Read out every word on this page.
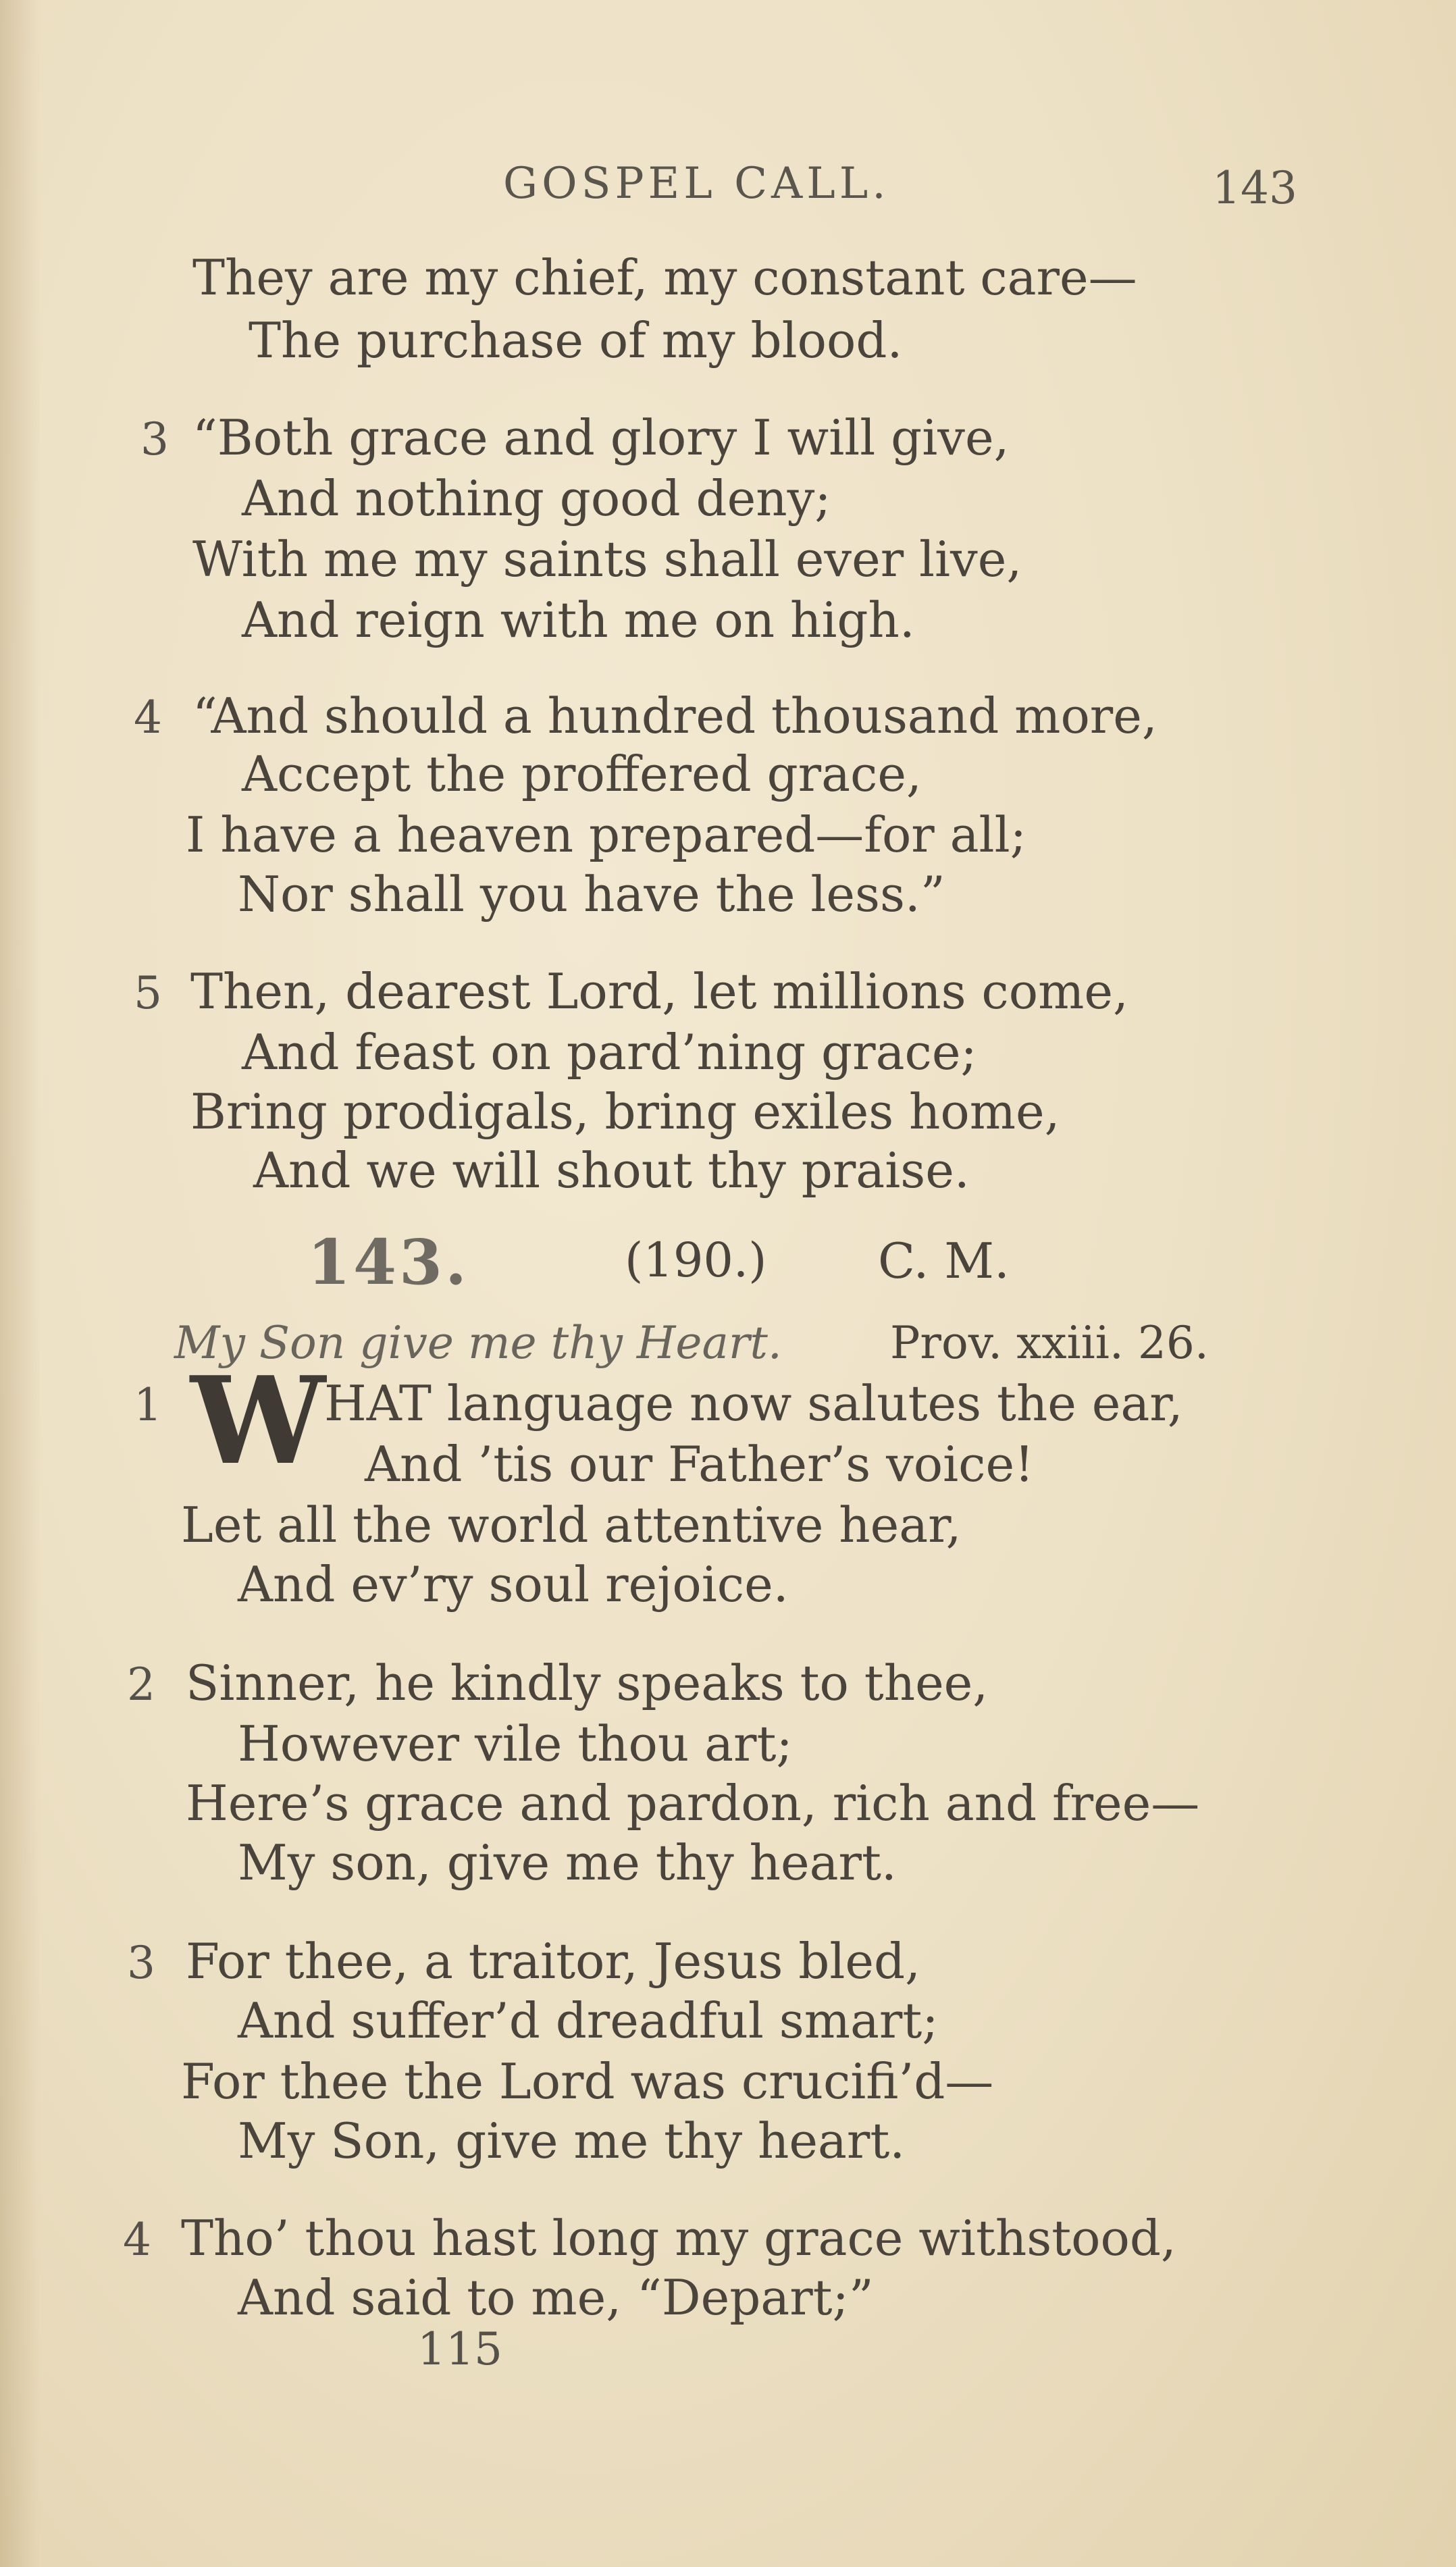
GOSPEL CALL.	143
They are my chief, my constant care—
The purchase of my blood.
3 “Both grace and glory I will give,
And nothing good deny;
With me my saints shall ever live,
And reign with me on high.
4 “And should a hundred thousand more,
Accept the proffered grace,
I have a heaven prepared—for all;
Nor shall you have the less.”
5 Then, dearest Lord, let millions come,
And feast on pard’ning grace;
Bring prodigals, bring exiles home,
And we will shout thy praise.
143.	(190.) C. M.
My Son give me thy Heart. Prov. xxiii. 26.
1 W
HAT language now salutes the ear,
And ’tis our Father’s voice!
Let all the world attentive hear,
And ev’ry soul rejoice.
2 Sinner, he kindly speaks to thee,
However vile thou art;
Here’s grace and pardon, rich and free—
My son, give me thy heart.
3 For thee, a traitor, Jesus bled,
And suffer’d dreadful smart;
For thee the Lord was crucifi’d—
My Son, give me thy heart.
4 Tho’ thou hast long my grace withstood,
And said to me, “Depart;”
115
